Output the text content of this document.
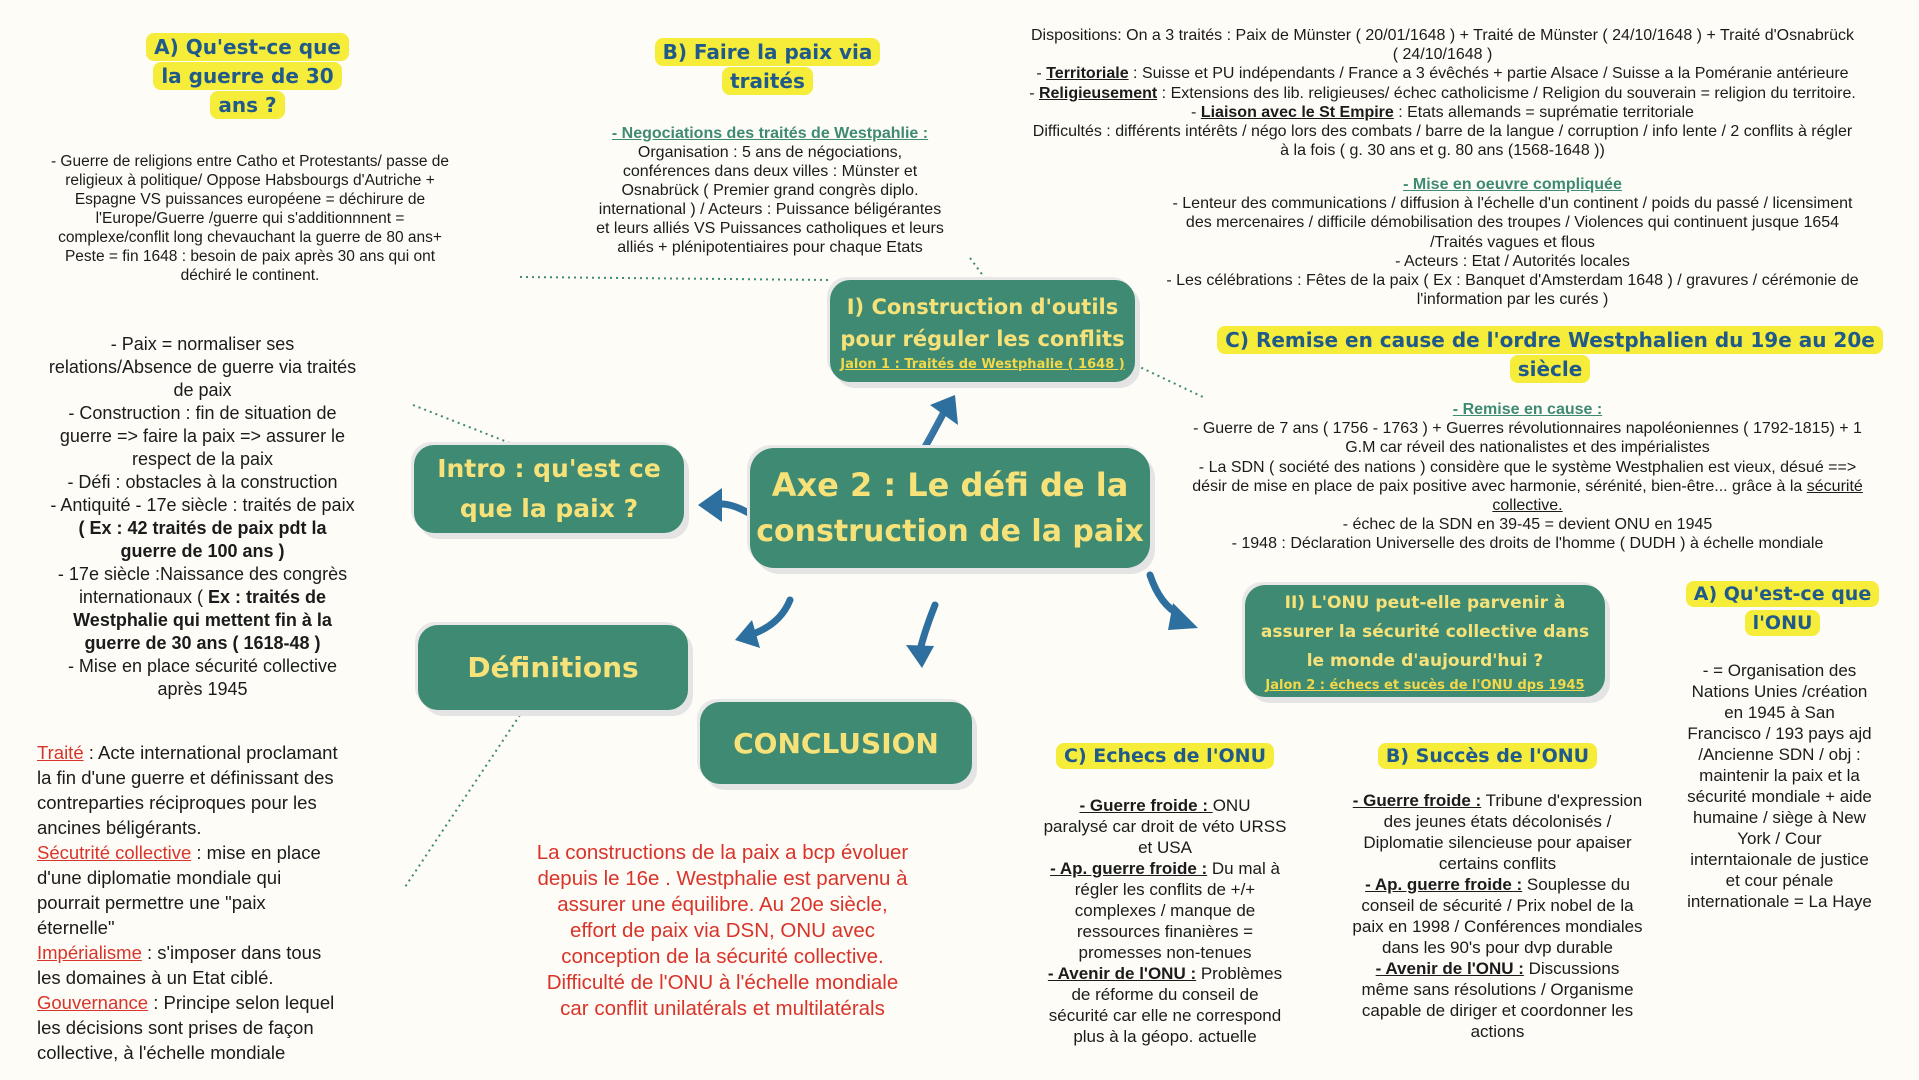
A) Qu'est-ce que
la guerre de 30
ans ?

- Guerre de religions entre Catho et Protestants/ passe de

religieux à politique/ Oppose Habsbourgs d'Autriche +

Espagne VS puissances européene = déchirure de

l'Europe/Guerre /guerre qui s'additionnnent =

complexe/conflit long chevauchant la guerre de 80 ans+

Peste = fin 1648 : besoin de paix après 30 ans qui ont

déchiré le continent.

B) Faire la paix via
traités

- Negociations des traités de Westpahlie :

Organisation : 5 ans de négociations,

conférences dans deux villes : Münster et

Osnabrück ( Premier grand congrès diplo.

international ) / Acteurs : Puissance béligérantes

et leurs alliés VS Puissances catholiques et leurs

alliés + plénipotentiaires pour chaque Etats

Dispositions: On a 3 traités : Paix de Münster ( 20/01/1648 ) + Traité de Münster ( 24/10/1648 ) + Traité d'Osnabrück

( 24/10/1648 )

- Territoriale : Suisse et PU indépendants / France a 3 évêchés + partie Alsace / Suisse a la Poméranie antérieure

- Religieusement : Extensions des lib. religieuses/ échec catholicisme / Religion du souverain = religion du territoire.

- Liaison avec le St Empire : Etats allemands = suprématie territoriale

Difficultés : différents intérêts / négo lors des combats / barre de la langue / corruption / info lente / 2 conflits à régler

à la fois ( g. 30 ans et g. 80 ans (1568-1648 ))

- Mise en oeuvre compliquée

- Lenteur des communications / diffusion à l'échelle d'un continent / poids du passé / licensiment

des mercenaires / difficile démobilisation des troupes / Violences qui continuent jusque 1654

/Traités vagues et flous

- Acteurs : Etat / Autorités locales

- Les célébrations : Fêtes de la paix ( Ex : Banquet d'Amsterdam 1648 ) / gravures / cérémonie de

l'information par les curés )

I) Construction d'outils
pour réguler les conflits
Jalon 1 : Traités de Westphalie ( 1648 )
C) Remise en cause de l'ordre Westphalien du 19e au 20e
siècle

- Remise en cause :

- Guerre de 7 ans ( 1756 - 1763 ) + Guerres révolutionnaires napoléoniennes ( 1792-1815) + 1

G.M car réveil des nationalistes et des impérialistes

- La SDN ( société des nations ) considère que le système Westphalien est vieux, désué ==>

désir de mise en place de paix positive avec harmonie, sérénité, bien-être... grâce à la sécurité

collective.

- échec de la SDN en 39-45 = devient ONU en 1945

- 1948 : Déclaration Universelle des droits de l'homme ( DUDH ) à échelle mondiale

Axe 2 : Le défi de la
construction de la paix
Intro : qu'est ce
que la paix ?

- Paix = normaliser ses

relations/Absence de guerre via traités

de paix

- Construction : fin de situation de

guerre => faire la paix => assurer le

respect de la paix

- Défi : obstacles à la construction

- Antiquité - 17e siècle : traités de paix

( Ex : 42 traités de paix pdt la

guerre de 100 ans )

- 17e siècle :Naissance des congrès

internationaux ( Ex : traités de

Westphalie qui mettent fin à la

guerre de 30 ans ( 1618-48 )

- Mise en place sécurité collective

après 1945

Définitions
Traité : Acte international proclamant
la fin d'une guerre et définissant des
contreparties réciproques pour les
ancines béligérants.
Sécutrité collective : mise en place
d'une diplomatie mondiale qui
pourrait permettre une "paix
éternelle"
Impérialisme : s'imposer dans tous
les domaines à un Etat ciblé.
Gouvernance : Principe selon lequel
les décisions sont prises de façon
collective, à l'échelle mondiale
CONCLUSION

La constructions de la paix a bcp évoluer

depuis le 16e . Westphalie est parvenu à

assurer une équilibre. Au 20e siècle,

effort de paix via DSN, ONU avec

conception de la sécurité collective.

Difficulté de l'ONU à l'échelle mondiale

car conflit unilatérals et multilatérals

II) L'ONU peut-elle parvenir à
assurer la sécurité collective dans
le monde d'aujourd'hui ?
Jalon 2 : échecs et sucès de l'ONU dps 1945
A) Qu'est-ce que
l'ONU

- = Organisation des

Nations Unies /création

en 1945 à San

Francisco / 193 pays ajd

/Ancienne SDN / obj :

maintenir la paix et la

sécurité mondiale + aide

humaine / siège à New

York / Cour

interntaionale de justice

et cour pénale

internationale = La Haye

C) Echecs de l'ONU

- Guerre froide : ONU

paralysé car droit de véto URSS

et USA

- Ap. guerre froide : Du mal à

régler les conflits de +/+

complexes / manque de

ressources finanières =

promesses non-tenues

- Avenir de l'ONU : Problèmes

de réforme du conseil de

sécurité car elle ne correspond

plus à la géopo. actuelle

B) Succès de l'ONU

- Guerre froide : Tribune d'expression

des jeunes états décolonisés /

Diplomatie silencieuse pour apaiser

certains conflits

- Ap. guerre froide : Souplesse du

conseil de sécurité / Prix nobel de la

paix en 1998 / Conférences mondiales

dans les 90's pour dvp durable

- Avenir de l'ONU : Discussions

même sans résolutions / Organisme

capable de diriger et coordonner les

actions
